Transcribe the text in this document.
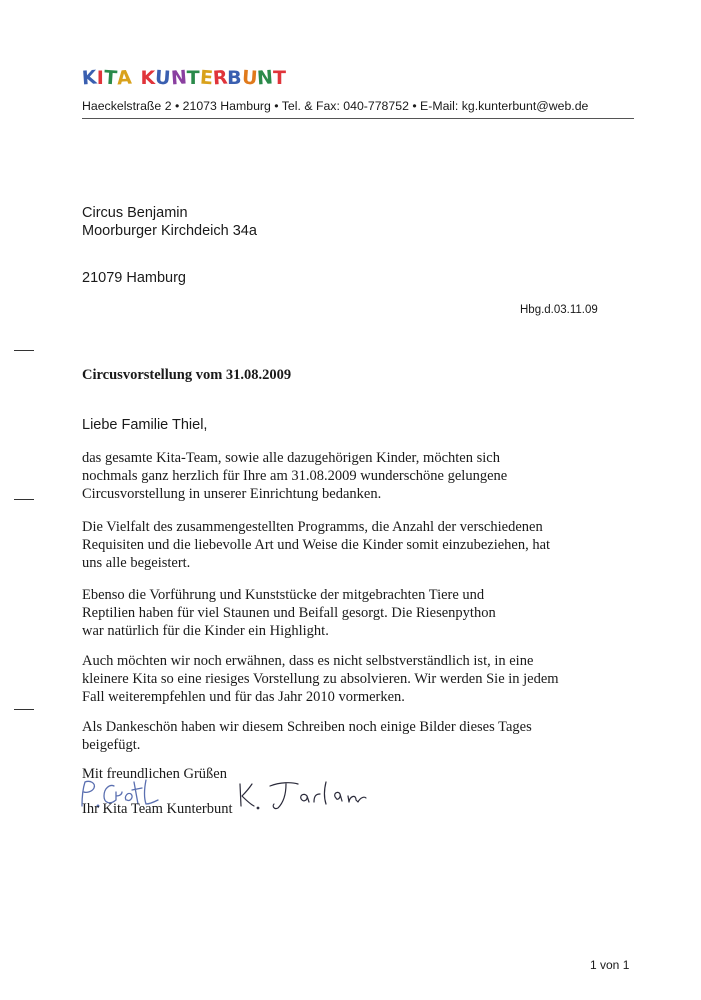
K I T
A K U
N T E
R B U
N T
Haeckelstraße 2 • 21073 Hamburg • Tel. & Fax: 040-778752 • E-Mail: kg.kunterbunt@web.de
Circus Benjamin
Moorburger Kirchdeich 34a
21079 Hamburg
Hbg.d.03.11.09
Circusvorstellung vom 31.08.2009
Liebe Familie Thiel,
das gesamte Kita-Team, sowie alle dazugehörigen Kinder, möchten sich
nochmals ganz herzlich für Ihre am 31.08.2009 wunderschöne gelungene
Circusvorstellung in unserer Einrichtung bedanken.
Die Vielfalt des zusammengestellten Programms, die Anzahl der verschiedenen
Requisiten und die liebevolle Art und Weise die Kinder somit einzubeziehen, hat
uns alle begeistert.
Ebenso die Vorführung und Kunststücke der mitgebrachten Tiere und
Reptilien haben für viel Staunen und Beifall gesorgt. Die Riesenpython
war natürlich für die Kinder ein Highlight.
Auch möchten wir noch erwähnen, dass es nicht selbstverständlich ist, in eine
kleinere Kita so eine riesiges Vorstellung zu absolvieren. Wir werden Sie in jedem
Fall weiterempfehlen und für das Jahr 2010 vormerken.
Als Dankeschön haben wir diesem Schreiben noch einige Bilder dieses Tages
beigefügt.
Mit freundlichen Grüßen
Ihr Kita Team Kunterbunt
1 von 1
